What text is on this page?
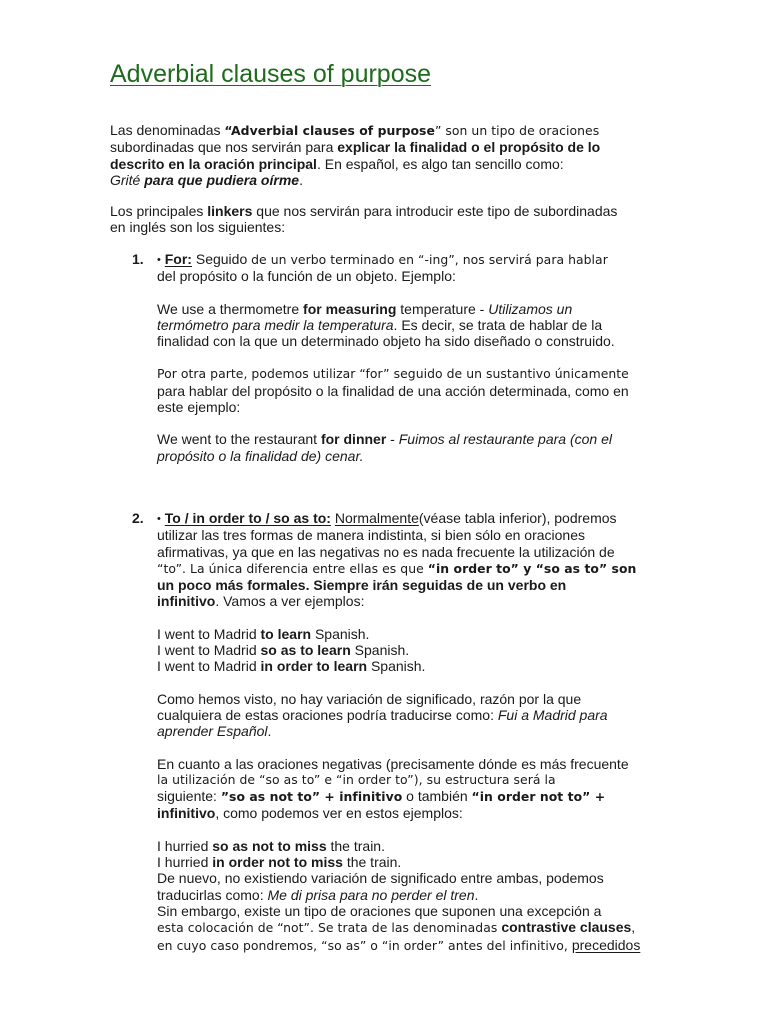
Adverbial clauses of purpose

Las denominadas “Adverbial clauses of purpose” son un tipo de oraciones

subordinadas que nos servirán para explicar la finalidad o el propósito de lo

descrito en la oración principal. En español, es algo tan sencillo como:

Grité para que pudiera oírme.

Los principales linkers que nos servirán para introducir este tipo de subordinadas

en inglés son los siguientes:

1. • For: Seguido de un verbo terminado en “-ing”, nos servirá para hablar

del propósito o la función de un objeto. Ejemplo:

We use a thermometre for measuring temperature - Utilizamos un

termómetro para medir la temperatura. Es decir, se trata de hablar de la

finalidad con la que un determinado objeto ha sido diseñado o construido.

Por otra parte, podemos utilizar “for” seguido de un sustantivo únicamente

para hablar del propósito o la finalidad de una acción determinada, como en

este ejemplo:

We went to the restaurant for dinner - Fuimos al restaurante para (con el

propósito o la finalidad de) cenar.

2. • To / in order to / so as to: Normalmente(véase tabla inferior), podremos

utilizar las tres formas de manera indistinta, si bien sólo en oraciones

afirmativas, ya que en las negativas no es nada frecuente la utilización de

“to”. La única diferencia entre ellas es que “in order to” y “so as to” son

un poco más formales. Siempre irán seguidas de un verbo en

infinitivo. Vamos a ver ejemplos:

I went to Madrid to learn Spanish.

I went to Madrid so as to learn Spanish.

I went to Madrid in order to learn Spanish.

Como hemos visto, no hay variación de significado, razón por la que

cualquiera de estas oraciones podría traducirse como: Fui a Madrid para

aprender Español.

En cuanto a las oraciones negativas (precisamente dónde es más frecuente

la utilización de “so as to” e “in order to”), su estructura será la

siguiente: ”so as not to” + infinitivo o también “in order not to” +

infinitivo, como podemos ver en estos ejemplos:

I hurried so as not to miss the train.

I hurried in order not to miss the train.

De nuevo, no existiendo variación de significado entre ambas, podemos

traducirlas como: Me di prisa para no perder el tren.

Sin embargo, existe un tipo de oraciones que suponen una excepción a

esta colocación de “not”. Se trata de las denominadas contrastive clauses,

en cuyo caso pondremos, “so as” o “in order” antes del infinitivo, precedidos
